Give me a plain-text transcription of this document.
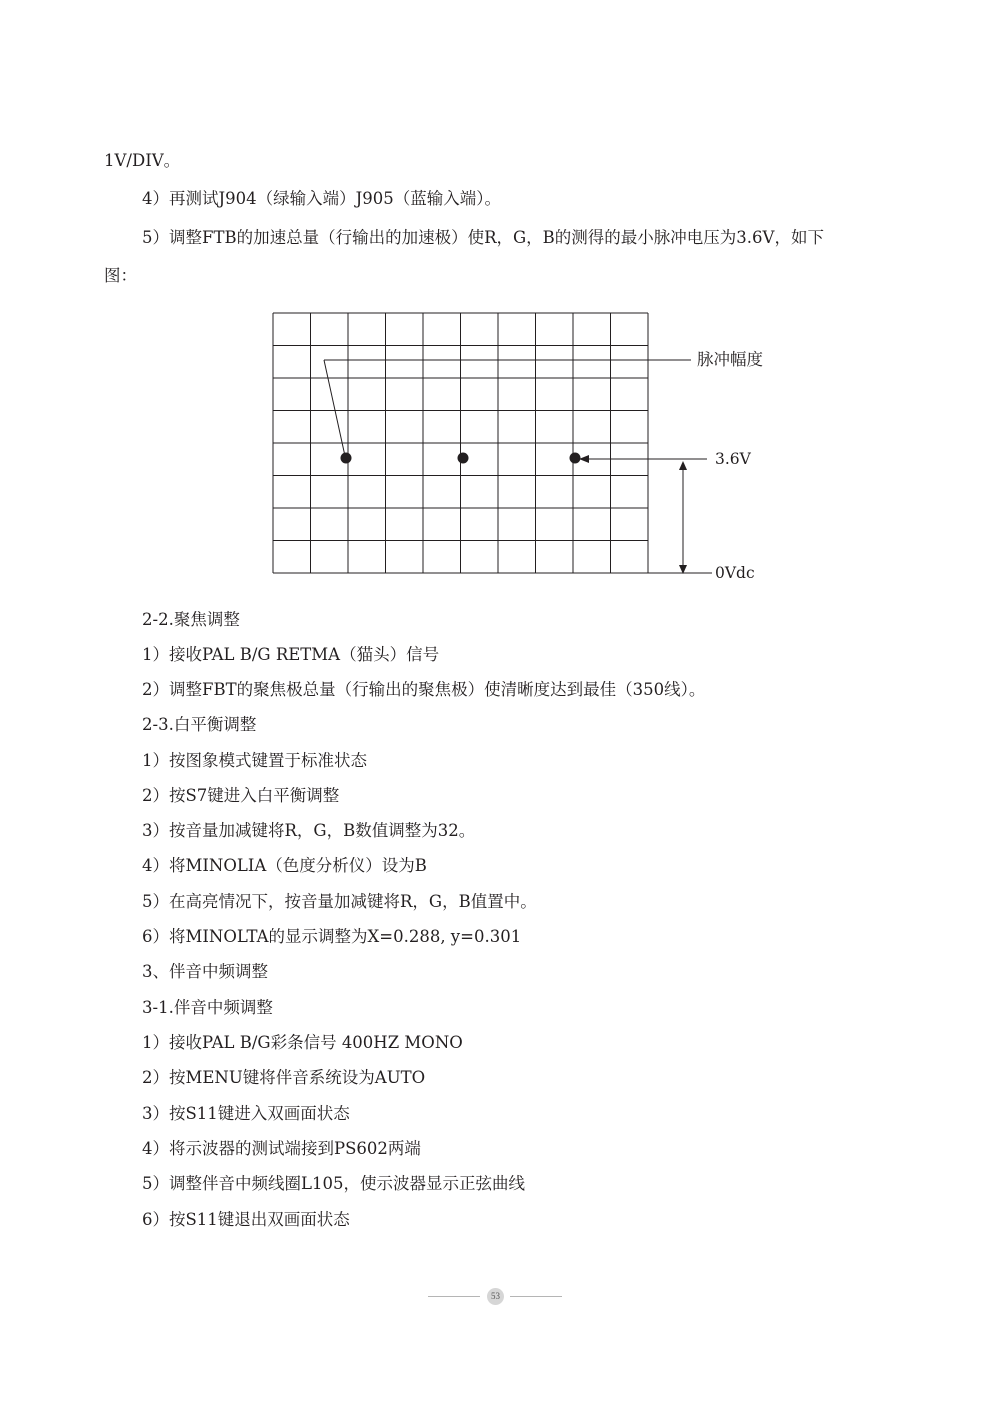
1V/DIV。
4）再测试J904（绿输入端）J905（蓝输入端）。
5）调整FTB的加速总量（行输出的加速极）使R，G，B的测得的最小脉冲电压为3.6V，如下
图：
脉冲幅度
3.6V
0Vdc
2-2.聚焦调整
1）接收PAL B/G RETMA（猫头）信号
2）调整FBT的聚焦极总量（行输出的聚焦极）使清晰度达到最佳（350线）。
2-3.白平衡调整
1）按图象模式键置于标准状态
2）按S7键进入白平衡调整
3）按音量加减键将R，G，B数值调整为32。
4）将MINOLIA（色度分析仪）设为B
5）在高亮情况下，按音量加减键将R，G，B值置中。
6）将MINOLTA的显示调整为X=0.288, y=0.301
3、伴音中频调整
3-1.伴音中频调整
1）接收PAL B/G彩条信号 400HZ MONO
2）按MENU键将伴音系统设为AUTO
3）按S11键进入双画面状态
4）将示波器的测试端接到PS602两端
5）调整伴音中频线圈L105，使示波器显示正弦曲线
6）按S11键退出双画面状态
53
